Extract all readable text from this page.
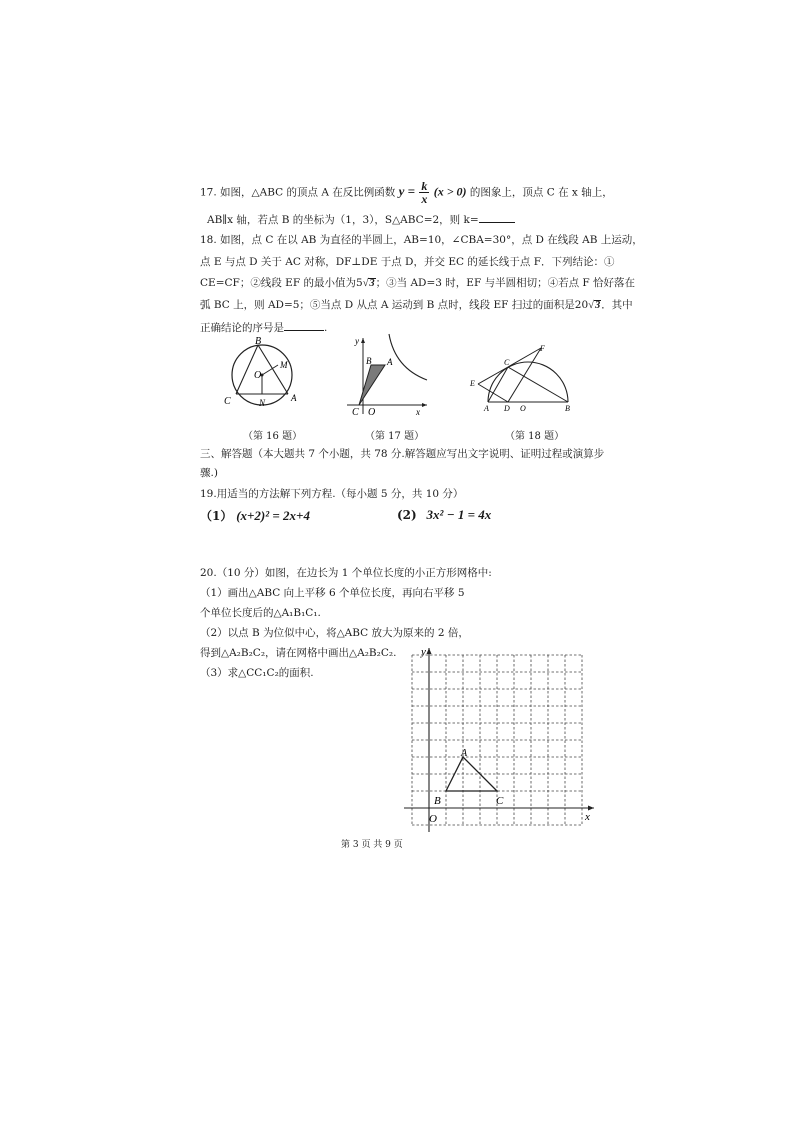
17. 如图，△ABC 的顶点 A 在反比例函数 $y = \frac{k}{x} (x > 0)$ 的图象上，顶点 C 在 x 轴上，
AB∥x 轴，若点 B 的坐标为（1，3），S△ABC=2，则 k=
18. 如图，点 C 在以 AB 为直径的半圆上，AB=10，∠CBA=30°，点 D 在线段 AB 上运动，
点 E 与点 D 关于 AC 对称，DF⊥DE 于点 D，并交 EC 的延长线于点 F．下列结论：①
CE=CF；②线段 EF 的最小值为5√3；③当 AD=3 时，EF 与半圆相切；④若点 F 恰好落在
弧 BC 上，则 AD=5；⑤当点 D 从点 A 运动到 B 点时，线段 EF 扫过的面积是20√3．其中
正确结论的序号是	.
B
O
M
C	N	A
B A
y
C O	x
C
F
E
A D O	B
（第 16 题）	（第 17 题）	（第 18 题）
三、解答题（本大题共 7 个小题，共 78 分.解答题应写出文字说明、证明过程或演算步
骤.)
19.用适当的方法解下列方程.（每小题 5 分，共 10 分）
（1） (x+2)² = 2x+4	(2) 3x² − 1 = 4x
20.（10 分）如图，在边长为 1 个单位长度的小正方形网格中:
（1）画出△ABC 向上平移 6 个单位长度，再向右平移 5
个单位长度后的△A₁B₁C₁.
（2）以点 B 为位似中心，将△ABC 放大为原来的 2 倍，
得到△A₂B₂C₂，请在网格中画出△A₂B₂C₂.
（3）求△CC₁C₂的面积.
y
x
O
A
B	C
第 3 页 共 9 页
